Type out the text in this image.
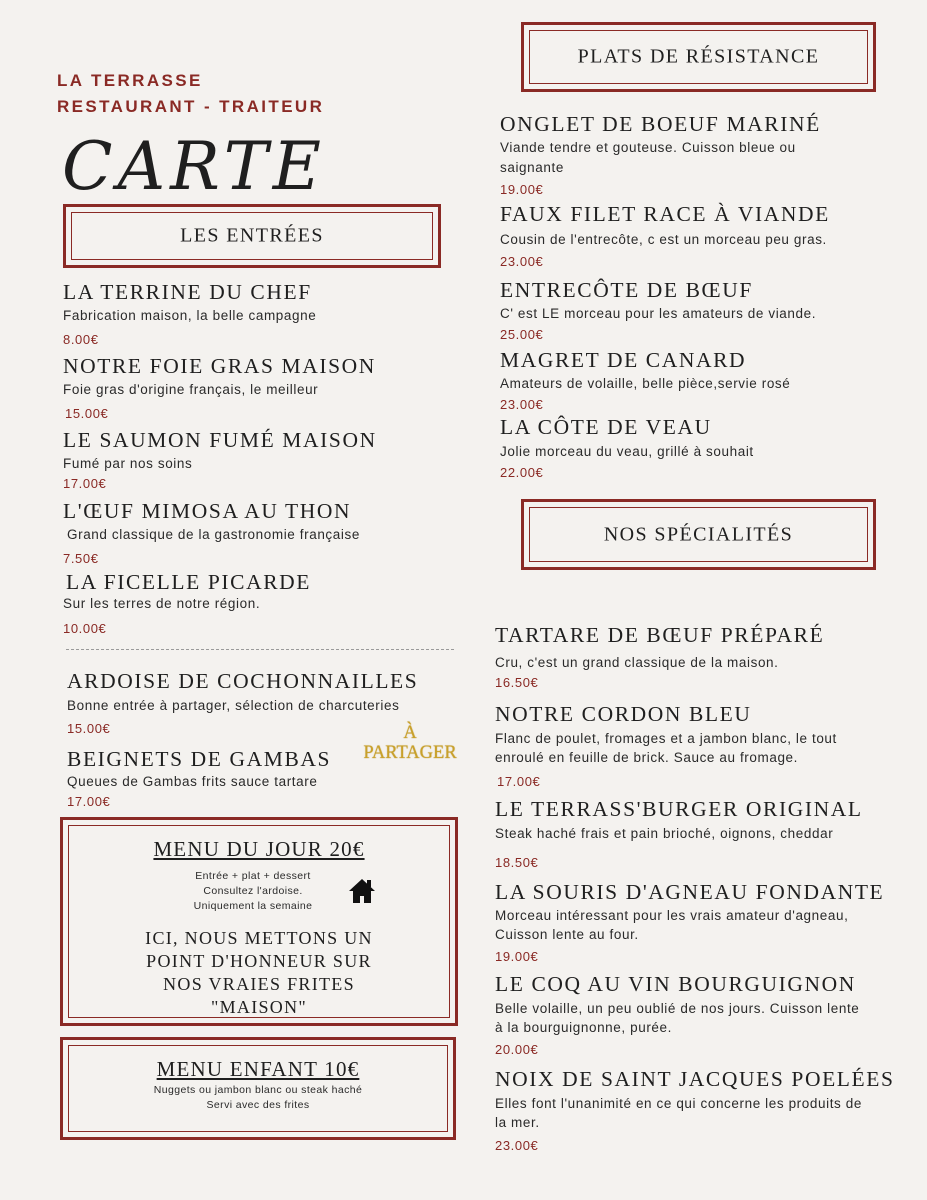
LA TERRASSE
RESTAURANT - TRAITEUR
CARTE
LES ENTRÉES
LA TERRINE DU CHEF
Fabrication maison, la belle campagne
8.00€
NOTRE FOIE GRAS MAISON
Foie gras d'origine français, le meilleur
15.00€
LE SAUMON FUMÉ MAISON
Fumé par nos soins
17.00€
L'ŒUF MIMOSA AU THON
Grand classique de la gastronomie française
7.50€
LA FICELLE PICARDE
Sur les terres de notre région.
10.00€
ARDOISE DE COCHONNAILLES
Bonne entrée à partager, sélection de charcuteries
15.00€
BEIGNETS DE GAMBAS
Queues de Gambas frits sauce tartare
17.00€
À
PARTAGER
MENU DU JOUR 20€
Entrée + plat + dessert
Consultez l'ardoise.
Uniquement la semaine
ICI, NOUS METTONS UN
POINT D'HONNEUR SUR
NOS VRAIES FRITES
"MAISON"
MENU ENFANT 10€
Nuggets ou jambon blanc ou steak haché
Servi avec des frites
PLATS DE RÉSISTANCE
ONGLET DE BOEUF MARINÉ
Viande tendre et gouteuse. Cuisson bleue ou
saignante
19.00€
FAUX FILET RACE À VIANDE
Cousin de l'entrecôte, c est un morceau peu gras.
23.00€
ENTRECÔTE DE BŒUF
C' est LE morceau pour les amateurs de viande.
25.00€
MAGRET DE CANARD
Amateurs de volaille, belle pièce,servie rosé
23.00€
LA CÔTE DE VEAU
Jolie morceau du veau, grillé à souhait
22.00€
NOS SPÉCIALITÉS
TARTARE DE BŒUF PRÉPARÉ
Cru, c'est un grand classique de la maison.
16.50€
NOTRE CORDON BLEU
Flanc de poulet, fromages et a jambon blanc, le tout
enroulé en feuille de brick. Sauce au fromage.
17.00€
LE TERRASS'BURGER ORIGINAL
Steak haché frais et pain brioché, oignons, cheddar
18.50€
LA SOURIS D'AGNEAU FONDANTE
Morceau intéressant pour les vrais amateur d'agneau,
Cuisson lente au four.
19.00€
LE COQ AU VIN BOURGUIGNON
Belle volaille, un peu oublié de nos jours. Cuisson lente
à la bourguignonne, purée.
20.00€
NOIX DE SAINT JACQUES POELÉES
Elles font l'unanimité en ce qui concerne les produits de
la mer.
23.00€
